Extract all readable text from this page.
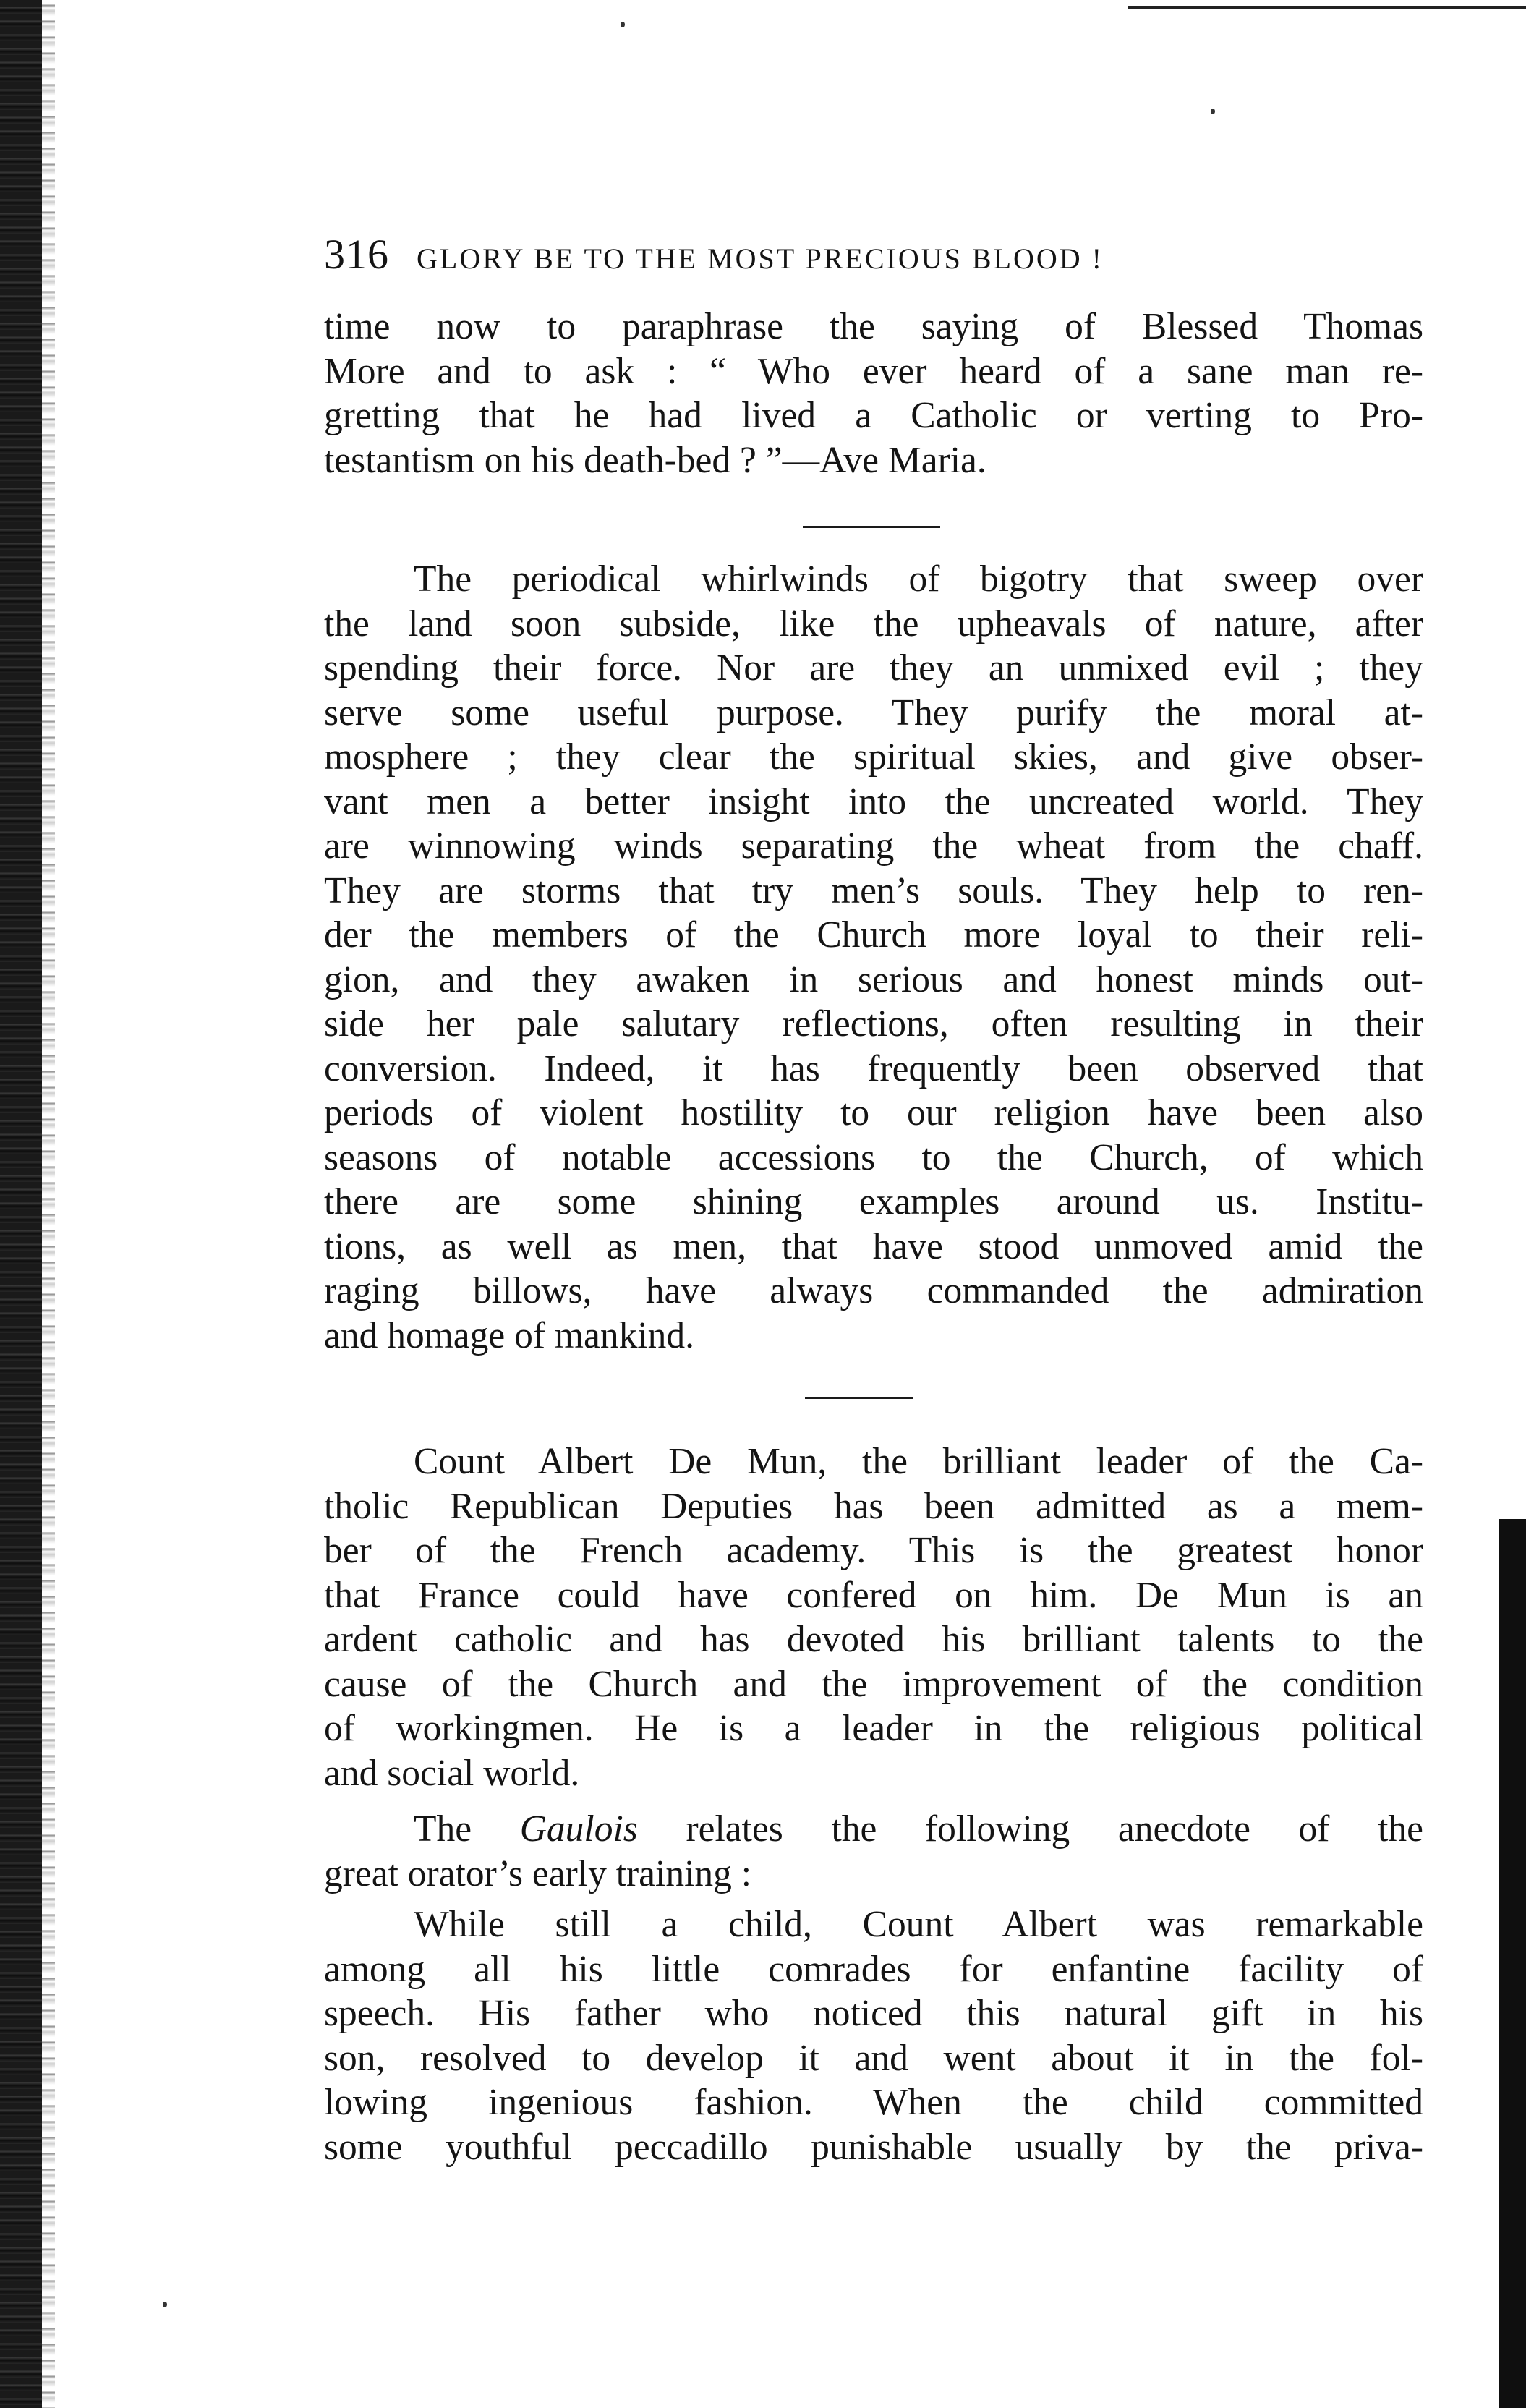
316 GLORY BE TO THE MOST PRECIOUS BLOOD !
time now to paraphrase the saying of Blessed Thomas
More and to ask : “ Who ever heard of a sane man re-
gretting that he had lived a Catholic or verting to Pro-
testantism on his death-bed ? ”—Ave Maria.
The periodical whirlwinds of bigotry that sweep over
the land soon subside, like the upheavals of nature, after
spending their force. Nor are they an unmixed evil ; they
serve some useful purpose. They purify the moral at-
mosphere ; they clear the spiritual skies, and give obser-
vant men a better insight into the uncreated world. They
are winnowing winds separating the wheat from the chaff.
They are storms that try men’s souls. They help to ren-
der the members of the Church more loyal to their reli-
gion, and they awaken in serious and honest minds out-
side her pale salutary reflections, often resulting in their
conversion. Indeed, it has frequently been observed that
periods of violent hostility to our religion have been also
seasons of notable accessions to the Church, of which
there are some shining examples around us. Institu-
tions, as well as men, that have stood unmoved amid the
raging billows, have always commanded the admiration
and homage of mankind.
Count Albert De Mun, the brilliant leader of the Ca-
tholic Republican Deputies has been admitted as a mem-
ber of the French academy. This is the greatest honor
that France could have confered on him. De Mun is an
ardent catholic and has devoted his brilliant talents to the
cause of the Church and the improvement of the condition
of workingmen. He is a leader in the religious political
and social world.
The Gaulois relates the following anecdote of the
great orator’s early training :
While still a child, Count Albert was remarkable
among all his little comrades for enfantine facility of
speech. His father who noticed this natural gift in his
son, resolved to develop it and went about it in the fol-
lowing ingenious fashion. When the child committed
some youthful peccadillo punishable usually by the priva-
